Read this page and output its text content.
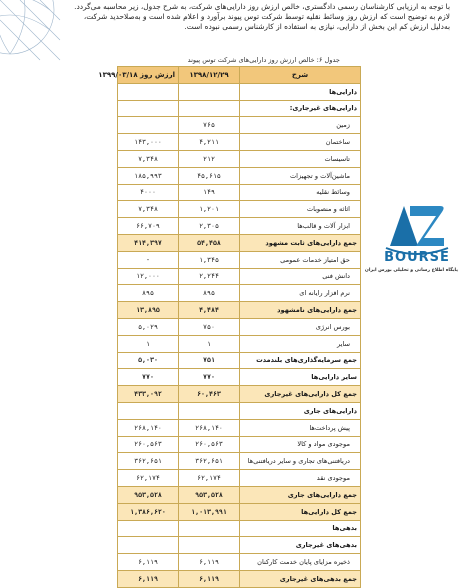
با توجه به ارزیابی کارشناسان رسمی دادگستری، خالص ارزش روز دارایی‌های شرکت، به شرح جدول، زیر محاسبه می‌گردد.
لازم به توضیح است که ارزش روز وسائط نقلیه توسط شرکت توس پیوند برآورد و اعلام شده است و به‌صلاحدید شرکت،
به‌دلیل ارزش کم این بخش از دارایی، نیازی به استفاده از کارشناس رسمی نبوده است.
جدول ۶: خالص ارزش روز دارایی‌های شرکت توس پیوند
شرح	۱۳۹۸/۱۲/۲۹	ارزش روز ۱۳۹۹/۰۳/۱۸
دارایی‌ها		
دارایی‌های غیرجاری:		
زمین	۷۶۵	
ساختمان	۴,۲۱۱	۱۴۳,۰۰۰
تاسیسات	۲۱۲	۷,۳۴۸
ماشین‌آلات و تجهیزات	۴۵,۶۱۵	۱۸۵,۹۹۳
وسائط نقلیه	۱۴۹	۴۰۰۰
اثاثه و منصوبات	۱,۲۰۱	۷,۳۴۸
ابزار آلات و قالب‌ها	۲,۳۰۵	۶۶,۷۰۹
جمع دارایی‌های ثابت مشهود	۵۴,۴۵۸	۴۱۴,۳۹۷
حق امتیاز خدمات عمومی	۱,۳۴۵	-
دانش فنی	۲,۲۴۴	۱۲,۰۰۰
نرم افزار رایانه ای	۸۹۵	۸۹۵
جمع دارایی‌های نامشهود	۴,۴۸۴	۱۳,۸۹۵
بورس انرژی	۷۵۰	۵,۰۲۹
سایر	۱	۱
جمع سرمایه‌گذاری‌های بلندمدت	۷۵۱	۵,۰۳۰
سایر دارایی‌ها	۷۷۰	۷۷۰
جمع کل دارایی‌های غیرجاری	۶۰,۴۶۳	۴۳۳,۰۹۲
دارایی‌های جاری		
پیش پرداخت‌ها	۲۶۸,۱۴۰	۲۶۸,۱۴۰
موجودی مواد و کالا	۲۶۰,۵۶۳	۲۶۰,۵۶۳
دریافتنی‌های تجاری و سایر دریافتنی‌ها	۳۶۲,۶۵۱	۳۶۲,۶۵۱
موجودی نقد	۶۲,۱۷۴	۶۲,۱۷۴
جمع دارایی‌های جاری	۹۵۳,۵۲۸	۹۵۳,۵۲۸
جمع کل دارایی‌ها	۱,۰۱۳,۹۹۱	۱,۳۸۶,۶۲۰
بدهی‌ها		
بدهی‌های غیرجاری		
ذخیره مزایای پایان خدمت کارکنان	۶,۱۱۹	۶,۱۱۹
جمع بدهی‌های غیرجاری	۶,۱۱۹	۶,۱۱۹
BOURSE
پایگاه اطلاع رسانی و تحلیلی بورس ایران
